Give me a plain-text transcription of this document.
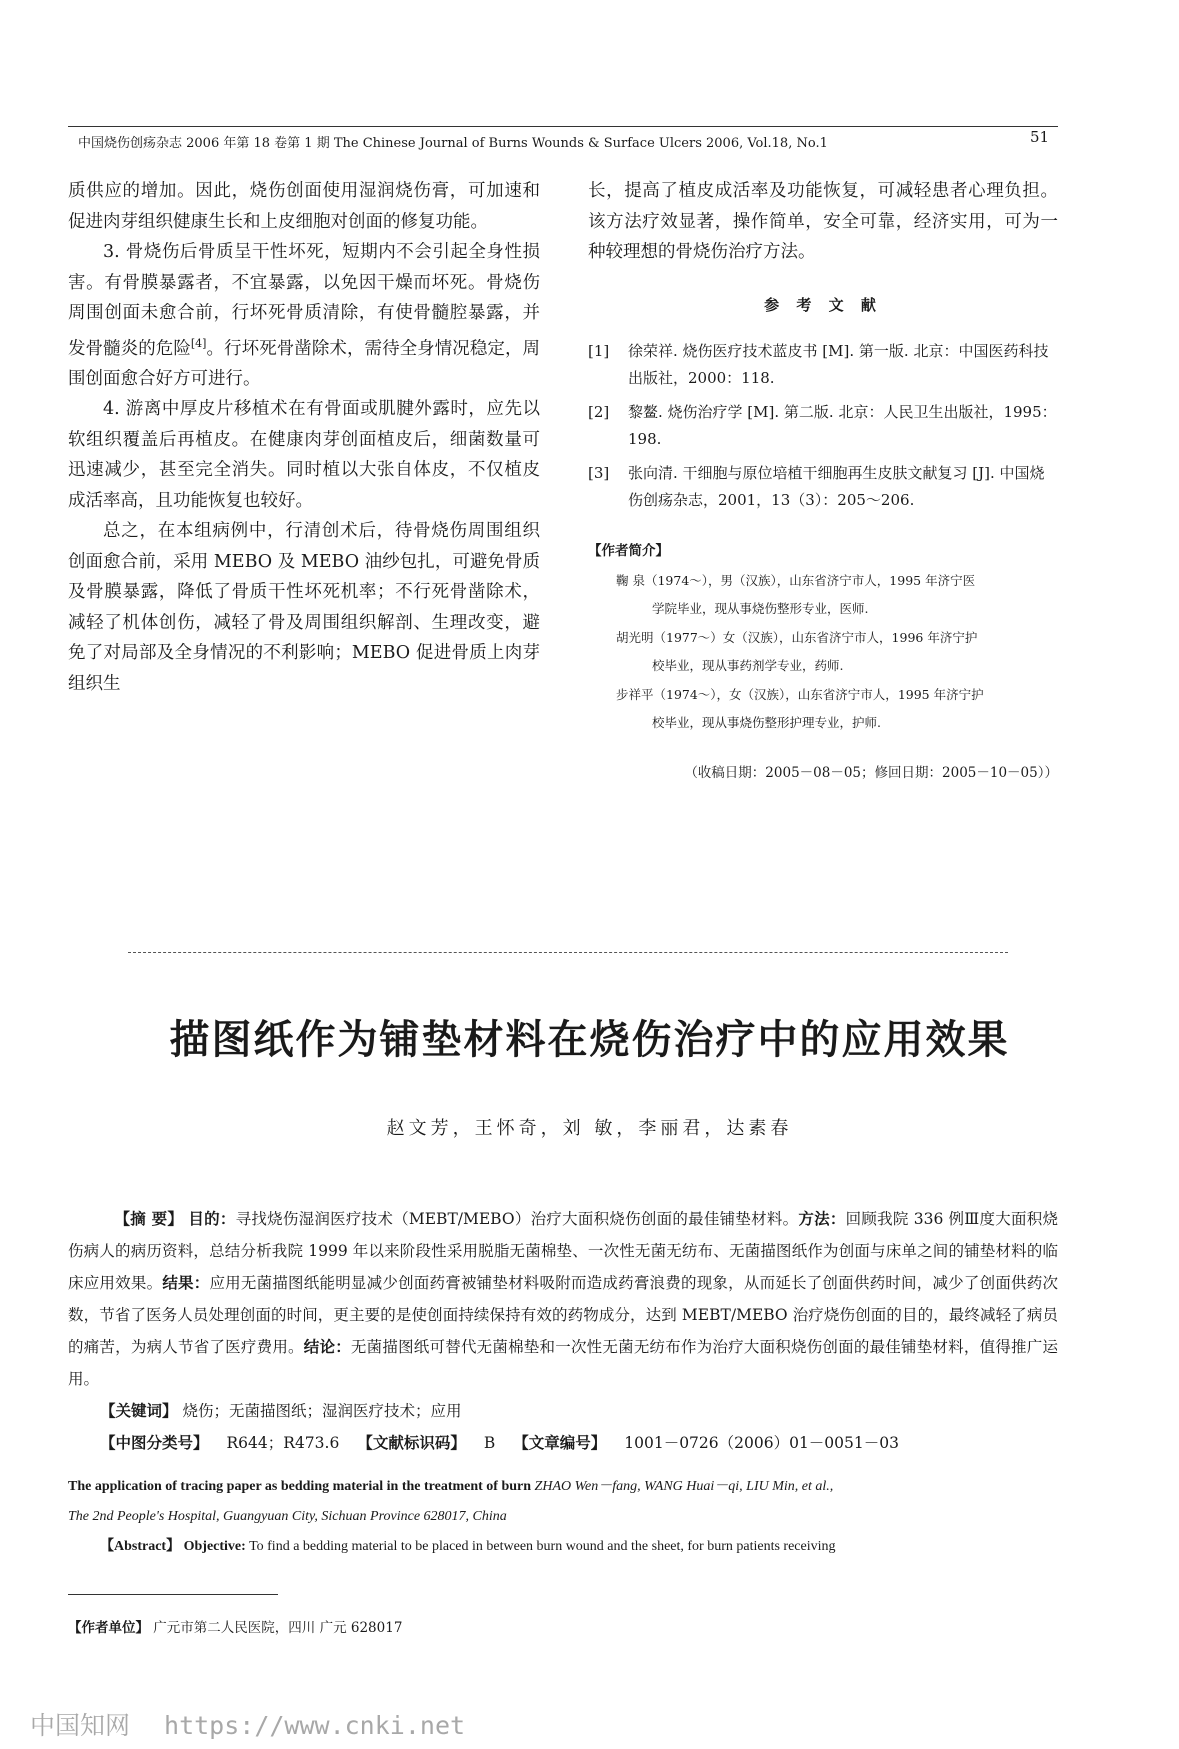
中国烧伤创疡杂志 2006 年第 18 卷第 1 期 The Chinese Journal of Burns Wounds & Surface Ulcers 2006, Vol.18, No.1	51

质供应的增加。因此，烧伤创面使用湿润烧伤膏，可加速和促进肉芽组织健康生长和上皮细胞对创面的修复功能。

3. 骨烧伤后骨质呈干性坏死，短期内不会引起全身性损害。有骨膜暴露者，不宜暴露，以免因干燥而坏死。骨烧伤周围创面未愈合前，行坏死骨质清除，有使骨髓腔暴露，并发骨髓炎的危险[4]。行坏死骨凿除术，需待全身情况稳定，周围创面愈合好方可进行。

4. 游离中厚皮片移植术在有骨面或肌腱外露时，应先以软组织覆盖后再植皮。在健康肉芽创面植皮后，细菌数量可迅速减少，甚至完全消失。同时植以大张自体皮，不仅植皮成活率高，且功能恢复也较好。

总之，在本组病例中，行清创术后，待骨烧伤周围组织创面愈合前，采用 MEBO 及 MEBO 油纱包扎，可避免骨质及骨膜暴露，降低了骨质干性坏死机率；不行死骨凿除术，减轻了机体创伤，减轻了骨及周围组织解剖、生理改变，避免了对局部及全身情况的不利影响；MEBO 促进骨质上肉芽组织生

长，提高了植皮成活率及功能恢复，可减轻患者心理负担。该方法疗效显著，操作简单，安全可靠，经济实用，可为一种较理想的骨烧伤治疗方法。

参 考 文 献
[1]	徐荣祥. 烧伤医疗技术蓝皮书 [M]. 第一版. 北京：中国医药科技出版社，2000：118.
[2]	黎鳌. 烧伤治疗学 [M]. 第二版. 北京：人民卫生出版社，1995：198.
[3]	张向清. 干细胞与原位培植干细胞再生皮肤文献复习 [J]. 中国烧伤创疡杂志，2001，13（3）：205～206.
【作者简介】
鞠 泉（1974～），男（汉族），山东省济宁市人，1995 年济宁医
学院毕业，现从事烧伤整形专业，医师.
胡光明（1977～）女（汉族），山东省济宁市人，1996 年济宁护
校毕业，现从事药剂学专业，药师.
步祥平（1974～），女（汉族），山东省济宁市人，1995 年济宁护
校毕业，现从事烧伤整形护理专业，护师.
（收稿日期：2005－08－05；修回日期：2005－10－05））
描图纸作为铺垫材料在烧伤治疗中的应用效果
赵文芳，王怀奇，刘 敏，李丽君，达素春

【摘 要】 目的：寻找烧伤湿润医疗技术（MEBT/MEBO）治疗大面积烧伤创面的最佳铺垫材料。方法：回顾我院 336 例Ⅲ度大面积烧伤病人的病历资料，总结分析我院 1999 年以来阶段性采用脱脂无菌棉垫、一次性无菌无纺布、无菌描图纸作为创面与床单之间的铺垫材料的临床应用效果。结果：应用无菌描图纸能明显减少创面药膏被铺垫材料吸附而造成药膏浪费的现象，从而延长了创面供药时间，减少了创面供药次数，节省了医务人员处理创面的时间，更主要的是使创面持续保持有效的药物成分，达到 MEBT/MEBO 治疗烧伤创面的目的，最终减轻了病员的痛苦，为病人节省了医疗费用。结论：无菌描图纸可替代无菌棉垫和一次性无菌无纺布作为治疗大面积烧伤创面的最佳铺垫材料，值得推广运用。

【关键词】 烧伤；无菌描图纸；湿润医疗技术；应用

【中图分类号】 R644；R473.6 【文献标识码】 B 【文章编号】 1001－0726（2006）01－0051－03

The application of tracing paper as bedding material in the treatment of burn ZHAO Wen－fang, WANG Huai－qi, LIU Min, et al.,

The 2nd People's Hospital, Guangyuan City, Sichuan Province 628017, China

【Abstract】 Objective: To find a bedding material to be placed in between burn wound and the sheet, for burn patients receiving

【作者单位】 广元市第二人民医院，四川 广元 628017
中国知网 https://www.cnki.net
